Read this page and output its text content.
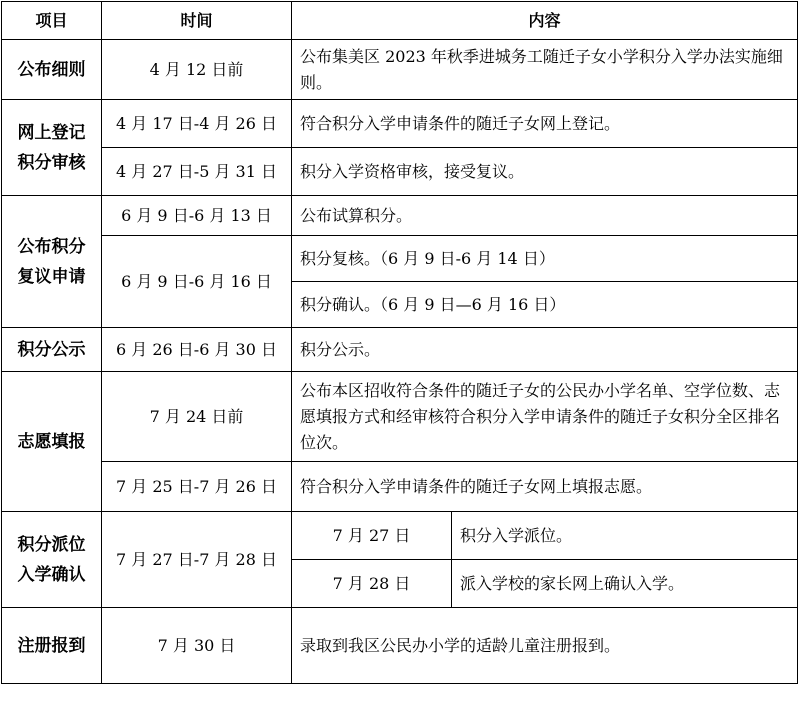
项目	时间	内容	
公布细则	4 月 12 日前	公布集美区 2023 年秋季进城务工随迁子女小学积分入学办法实施细则。	
网上登记积分审核	4 月 17 日-4 月 26 日	符合积分入学申请条件的随迁子女网上登记。	
	4 月 27 日-5 月 31 日	积分入学资格审核，接受复议。	
公布积分复议申请	6 月 9 日-6 月 13 日	公布试算积分。	
	6 月 9 日-6 月 16 日	积分复核。（6 月 9 日-6 月 14 日）	
		积分确认。（6 月 9 日—6 月 16 日）	
积分公示	6 月 26 日-6 月 30 日	积分公示。	
志愿填报	7 月 24 日前	公布本区招收符合条件的随迁子女的公民办小学名单、空学位数、志愿填报方式和经审核符合积分入学申请条件的随迁子女积分全区排名位次。	
	7 月 25 日-7 月 26 日	符合积分入学申请条件的随迁子女网上填报志愿。	
积分派位入学确认	7 月 27 日-7 月 28 日	7 月 27 日	积分入学派位。
		7 月 28 日	派入学校的家长网上确认入学。
注册报到	7 月 30 日	录取到我区公民办小学的适龄儿童注册报到。	
